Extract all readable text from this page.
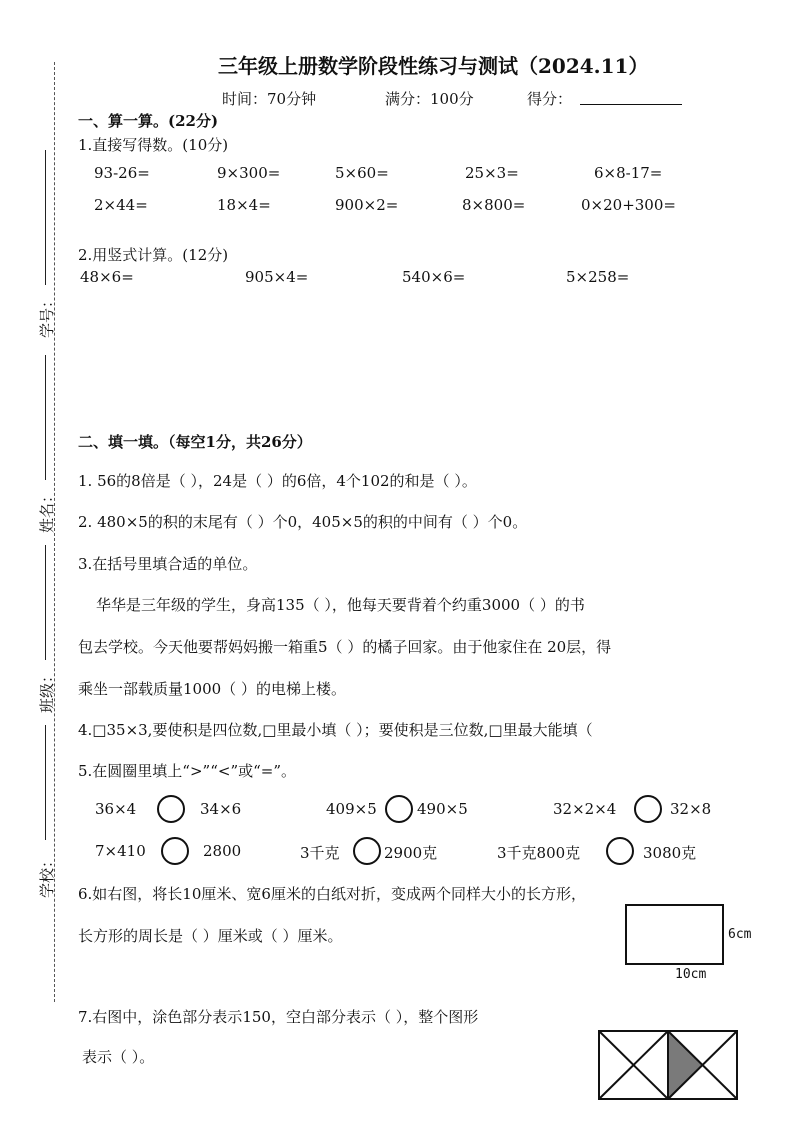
学号：
姓名：
班级：
学校：
三年级上册数学阶段性练习与测试（2024.11）
时间：70分钟	满分：100分	得分：
一、算一算。(22分)
1.直接写得数。(10分)
93-26=	9×300=	5×60=	25×3=	6×8-17=
2×44=	18×4=	900×2=	8×800=	0×20+300=
2.用竖式计算。(12分)
48×6=	905×4=	540×6=	5×258=
二、填一填。（每空1分，共26分）
1. 56的8倍是（ ），24是（ ）的6倍，4个102的和是（ ）。
2. 480×5的积的末尾有（ ）个0，405×5的积的中间有（ ）个0。
3.在括号里填合适的单位。
华华是三年级的学生，身高135（ ），他每天要背着个约重3000（ ）的书
包去学校。今天他要帮妈妈搬一箱重5（ ）的橘子回家。由于他家住在 20层，得
乘坐一部载质量1000（ ）的电梯上楼。
4.□35×3,要使积是四位数,□里最小填（ ）；要使积是三位数,□里最大能填（
5.在圆圈里填上“>”“<”或“=”。
36×4	34×6	409×5	490×5	32×2×4	32×8
7×410	2800	3千克	2900克	3千克800克	3080克
6.如右图，将长10厘米、宽6厘米的白纸对折，变成两个同样大小的长方形，
长方形的周长是（ ）厘米或（ ）厘米。	6cm
10cm
7.右图中，涂色部分表示150，空白部分表示（ ），整个图形
表示（ ）。
